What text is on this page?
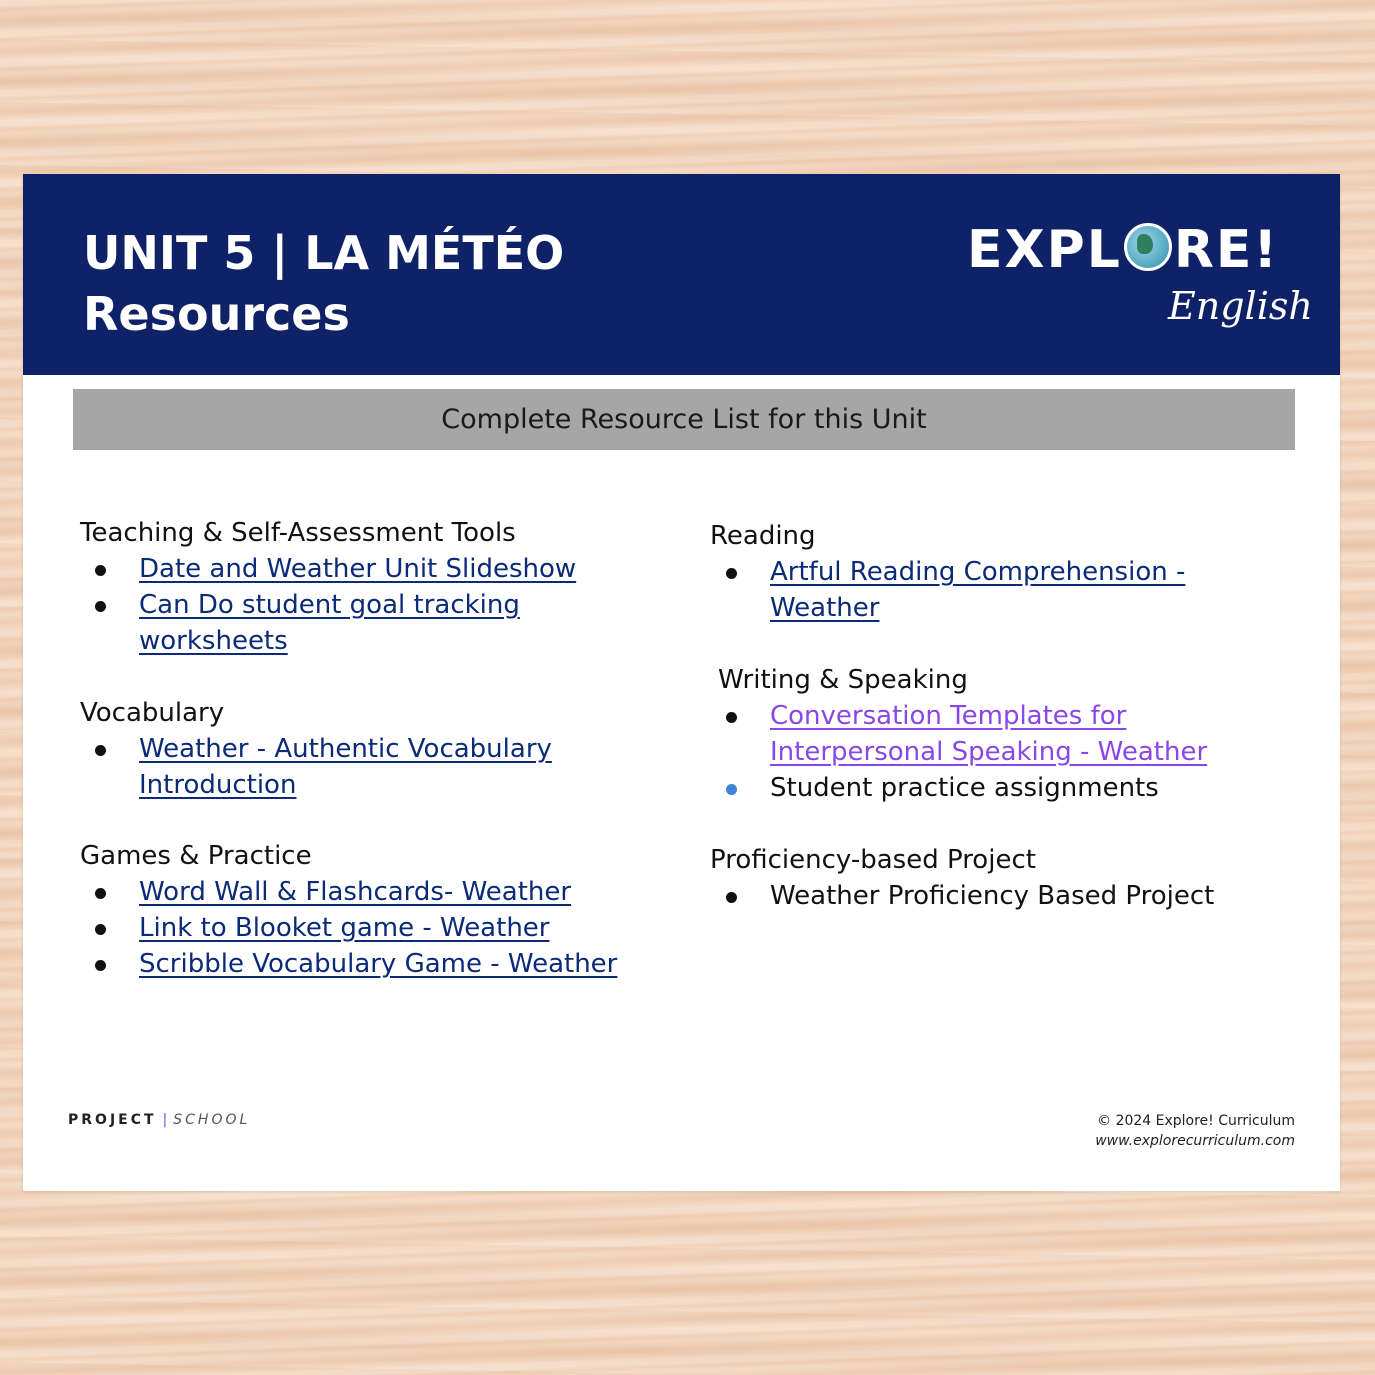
UNIT 5 | LA MÉTÉO
Resources
EXPL RE!
English
Complete Resource List for this Unit
Teaching & Self-Assessment Tools
Date and Weather Unit Slideshow
Can Do student goal tracking
worksheets
Vocabulary
Weather - Authentic Vocabulary
Introduction
Games & Practice
Word Wall & Flashcards- Weather
Link to Blooket game - Weather
Scribble Vocabulary Game - Weather
Reading
Artful Reading Comprehension -
Weather
Writing & Speaking
Conversation Templates for
Interpersonal Speaking - Weather
Student practice assignments
Proficiency-based Project
Weather Proficiency Based Project
PROJECT | SCHOOL	© 2024 Explore! Curriculum
www.explorecurriculum.com
